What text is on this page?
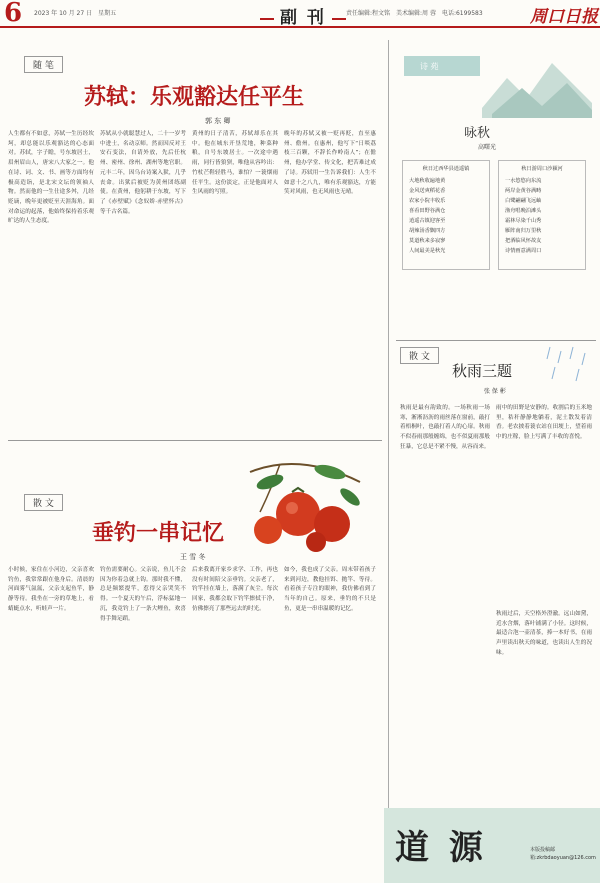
6 2023 年 10 月 27 日　星期五	副 刊	责任编辑:程文铭　美术编辑:周 蓉　电话:6199583	周口日报
随 笔
苏轼：乐观豁达任平生
郭 东 卿
人生都有不如意，苏轼一生历经坎坷，却总能以乐观豁达的心态面对。苏轼，字子瞻，号东坡居士，眉州眉山人，唐宋八大家之一。他在诗、词、文、书、画等方面均有极高造诣，是北宋文坛的领袖人物。然而他的一生仕途多舛，几经贬谪，晚年更被贬至天涯海角。面对命运的起落，他始终保持着乐观旷达的人生态度。
苏轼从小就聪慧过人，二十一岁考中进士，名动京师。然而因反对王安石变法，自请外放，先后任杭州、密州、徐州、湖州等地官职。元丰二年，因乌台诗案入狱，几乎丧命。出狱后被贬为黄州团练副使。在黄州，他躬耕于东坡，写下了《赤壁赋》《念奴娇·赤壁怀古》等千古名篇。
黄州的日子清苦，苏轼却乐在其中。他在城东开垦荒地，种菜种粮，自号东坡居士。一次途中遇雨，同行皆狼狈，唯他从容吟出：竹杖芒鞋轻胜马，谁怕？一蓑烟雨任平生。这份淡定，正是他面对人生风雨的写照。
晚年的苏轼又被一贬再贬，直至惠州、儋州。在惠州，他写下“日啖荔枝三百颗，不辞长作岭南人”；在儋州，他办学堂、传文化，把苦难过成了诗。苏轼用一生告诉我们：人生不如意十之八九，唯有乐观豁达，方能笑对风雨，也无风雨也无晴。
散 文
垂钓一串记忆
王 雪 冬
小时候，家住在小河边，父亲喜欢钓鱼，我常常跟在他身后。清晨的河面雾气氤氲，父亲支起鱼竿，静静等待。我坐在一旁的草地上，看蜻蜓点水，听蛙声一片。
钓鱼需要耐心。父亲说，鱼儿不会因为你着急就上钩。那时我不懂，总是频繁提竿，惹得父亲哭笑不得。一个夏天的午后，浮标猛地一沉，我竟钓上了一条大鲤鱼，欢喜得手舞足蹈。
后来我离开家乡求学、工作，再也没有时间陪父亲垂钓。父亲老了，钓竿挂在墙上，落满了灰尘。每次回家，我都会取下钓竿擦拭干净，仿佛擦亮了那些远去的时光。
如今，我也成了父亲。周末带着孩子来到河边，教他挂饵、抛竿、等待。看着孩子专注的眼神，我仿佛看到了当年的自己。原来，垂钓的不只是鱼，更是一串串温暖的记忆。
诗 苑
咏秋
高曙光
秋日过西华县逍遥镇
大地秋收遍地黄
金风送爽稻花香
农家小院丰收乐
喜看田野谷满仓
逍遥古镇迎客至
胡辣汤香飘四方
莫道秋来多寂寥
人间最美是秋光
秋日游周口沙颍河
一水悠悠向东流
两岸金黄谷满畴
白鹭翩翩飞远岫
渔舟唱晚泊滩头
霜林尽染千山秀
雁阵南归万里秋
把酒临风怀故友
诗情画意满周口
散 文
秋雨三题
张 保 彬
秋雨是最有韵致的。一场秋雨一场寒，淅淅沥沥的雨丝落在窗前，敲打着梧桐叶，也敲打着人的心扉。秋雨不似春雨那般缠绵，也不似夏雨那般狂暴，它总是不紧不慢，从容而来。
雨中的田野是安静的。收割后的玉米地里，秸秆静静地躺着，泥土散发着清香。老农披着蓑衣站在田埂上，望着雨中的庄稼，脸上写满了丰收的喜悦。
秋雨过后，天空格外澄澈。远山如黛，近水含烟，落叶铺满了小径。这时候，最适合泡一壶清茶，捧一本好书，在雨声里读出秋天的味道，也读出人生的况味。
道 源	本版投稿邮箱:zkrbdaoyuan@126.com
